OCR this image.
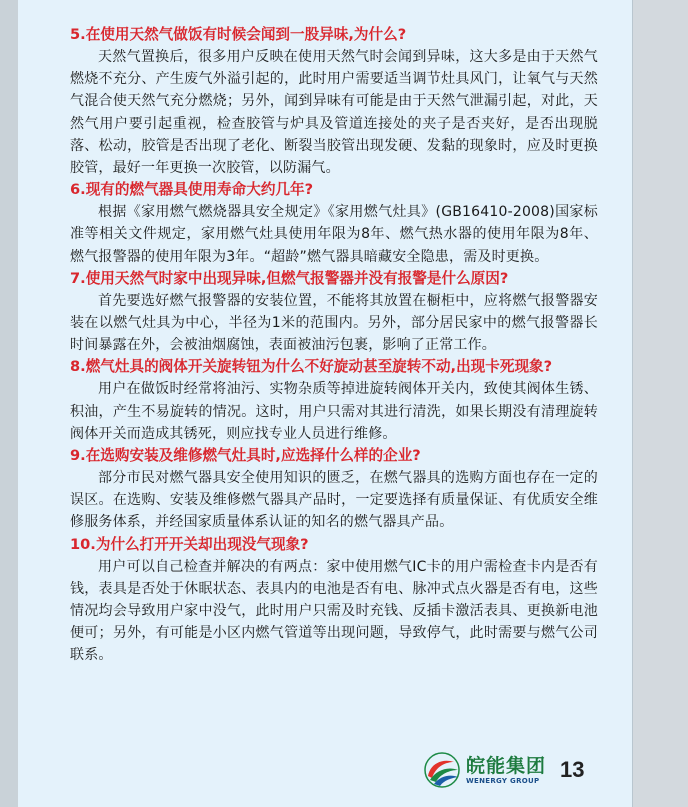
5.在使用天然气做饭有时候会闻到一股异味,为什么?

天然气置换后，很多用户反映在使用天然气时会闻到异味，这大多是由于天然气燃烧不充分、产生废气外溢引起的，此时用户需要适当调节灶具风门，让氧气与天然气混合使天然气充分燃烧；另外，闻到异味有可能是由于天然气泄漏引起，对此，天然气用户要引起重视，检查胶管与炉具及管道连接处的夹子是否夹好，是否出现脱落、松动，胶管是否出现了老化、断裂当胶管出现发硬、发黏的现象时，应及时更换胶管，最好一年更换一次胶管，以防漏气。

6.现有的燃气器具使用寿命大约几年?

根据《家用燃气燃烧器具安全规定》《家用燃气灶具》(GB16410-2008)国家标准等相关文件规定，家用燃气灶具使用年限为8年、燃气热水器的使用年限为8年、燃气报警器的使用年限为3年。“超龄”燃气器具暗藏安全隐患，需及时更换。

7.使用天然气时家中出现异味,但燃气报警器并没有报警是什么原因?

首先要选好燃气报警器的安装位置，不能将其放置在橱柜中，应将燃气报警器安装在以燃气灶具为中心，半径为1米的范围内。另外，部分居民家中的燃气报警器长时间暴露在外，会被油烟腐蚀，表面被油污包裹，影响了正常工作。

8.燃气灶具的阀体开关旋转钮为什么不好旋动甚至旋转不动,出现卡死现象?

用户在做饭时经常将油污、实物杂质等掉进旋转阀体开关内，致使其阀体生锈、积油，产生不易旋转的情况。这时，用户只需对其进行清洗，如果长期没有清理旋转阀体开关而造成其锈死，则应找专业人员进行维修。

9.在选购安装及维修燃气灶具时,应选择什么样的企业?

部分市民对燃气器具安全使用知识的匮乏，在燃气器具的选购方面也存在一定的误区。在选购、安装及维修燃气器具产品时，一定要选择有质量保证、有优质安全维修服务体系，并经国家质量体系认证的知名的燃气器具产品。

10.为什么打开开关却出现没气现象?

用户可以自己检查并解决的有两点：家中使用燃气IC卡的用户需检查卡内是否有钱，表具是否处于休眠状态、表具内的电池是否有电、脉冲式点火器是否有电，这些情况均会导致用户家中没气，此时用户只需及时充钱、反插卡激活表具、更换新电池便可；另外，有可能是小区内燃气管道等出现问题，导致停气，此时需要与燃气公司联系。

皖能集团
WENERGY GROUP 13
